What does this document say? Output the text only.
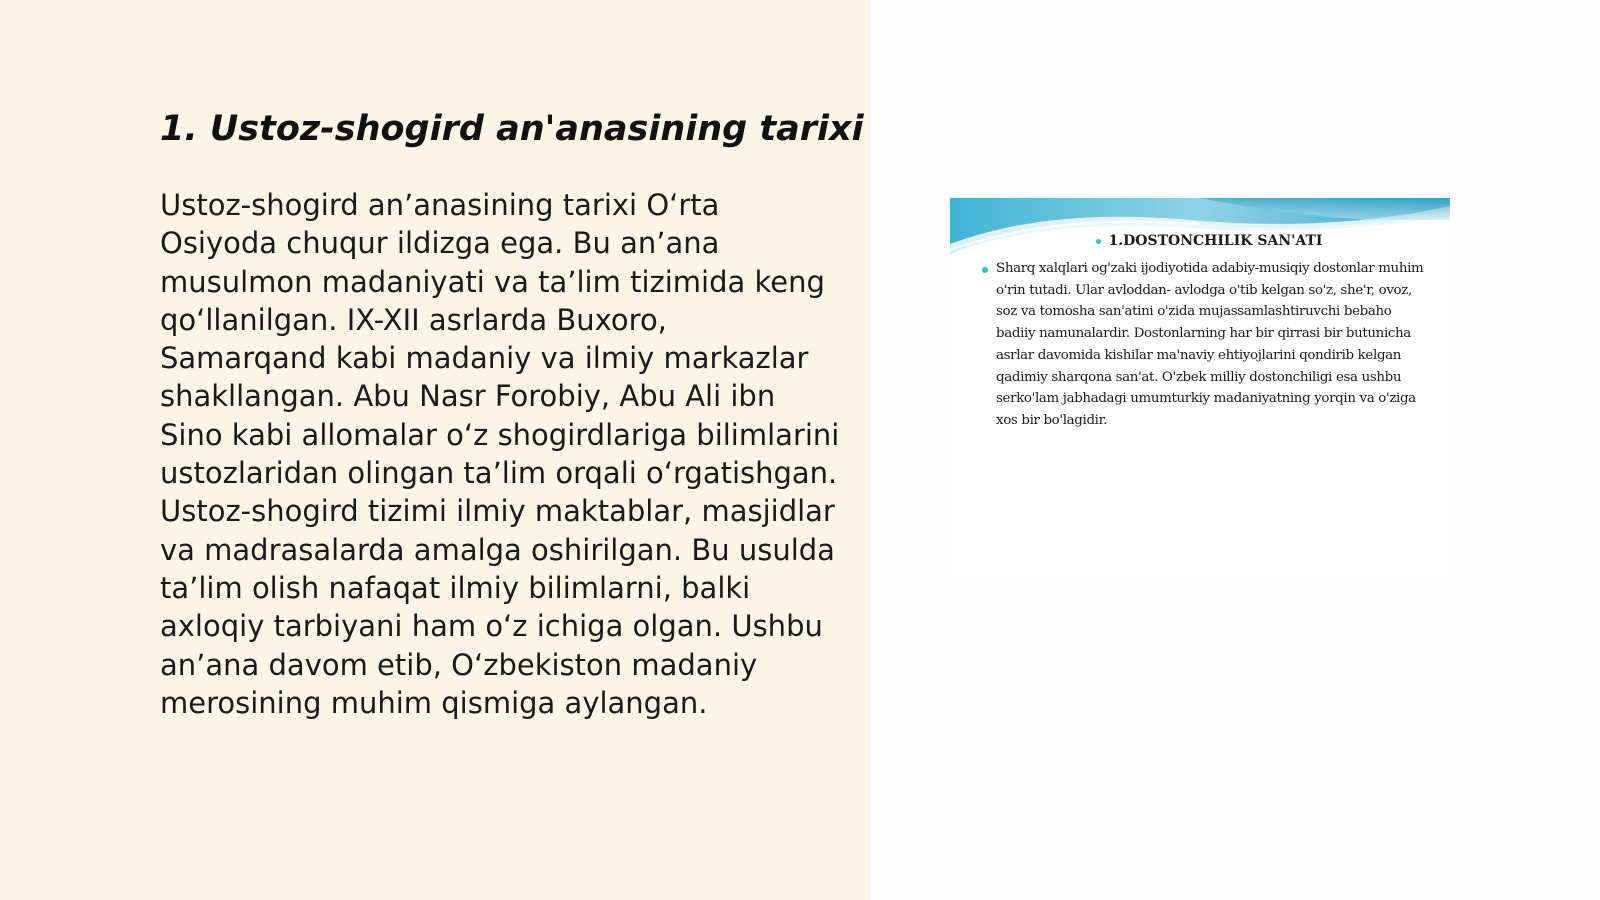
1. Ustoz-shogird an'anasining tarixi

Ustoz-shogird an’anasining tarixi O‘rta Osiyoda chuqur ildizga ega. Bu an’ana musulmon madaniyati va ta’lim tizimida keng qo‘llanilgan. IX-XII asrlarda Buxoro, Samarqand kabi madaniy va ilmiy markazlar shakllangan. Abu Nasr Forobiy, Abu Ali ibn Sino kabi allomalar o‘z shogirdlariga bilimlarini ustozlaridan olingan ta’lim orqali o‘rgatishgan. Ustoz-shogird tizimi ilmiy maktablar, masjidlar va madrasalarda amalga oshirilgan. Bu usulda ta’lim olish nafaqat ilmiy bilimlarni, balki axloqiy tarbiyani ham o‘z ichiga olgan. Ushbu an’ana davom etib, O‘zbekiston madaniy merosining muhim qismiga aylangan.

1.DOSTONCHILIK SAN'ATI

Sharq xalqlari og'zaki ijodiyotida adabiy-musiqiy dostonlar muhim o'rin tutadi. Ular avloddan- avlodga o'tib kelgan so'z, she'r, ovoz, soz va tomosha san'atini o'zida mujassamlashtiruvchi bebaho badiiy namunalardir. Dostonlarning har bir qirrasi bir butunicha asrlar davomida kishilar ma'naviy ehtiyojlarini qondirib kelgan qadimiy sharqona san'at. O'zbek milliy dostonchiligi esa ushbu serko'lam jabhadagi umumturkiy madaniyatning yorqin va o'ziga xos bir bo'lagidir.
